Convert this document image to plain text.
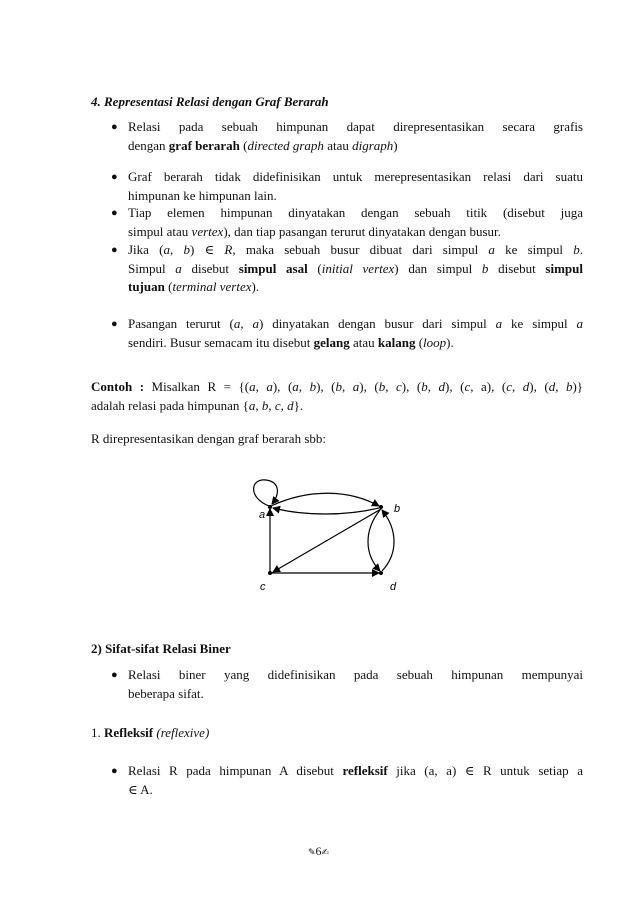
4. Representasi Relasi dengan Graf Berarah
● Relasi pada sebuah himpunan dapat direpresentasikan secara grafis
dengan graf berarah (directed graph atau digraph)
● Graf berarah tidak didefinisikan untuk merepresentasikan relasi dari suatu
himpunan ke himpunan lain.
● Tiap elemen himpunan dinyatakan dengan sebuah titik (disebut juga
simpul atau vertex), dan tiap pasangan terurut dinyatakan dengan busur.
● Jika (a, b) ∈ R, maka sebuah busur dibuat dari simpul a ke simpul b.
Simpul a disebut simpul asal (initial vertex) dan simpul b disebut simpul
tujuan (terminal vertex).
● Pasangan terurut (a, a) dinyatakan dengan busur dari simpul a ke simpul a
sendiri. Busur semacam itu disebut gelang atau kalang (loop).
Contoh : Misalkan R = {(a, a), (a, b), (b, a), (b, c), (b, d), (c, a), (c, d), (d, b)}
adalah relasi pada himpunan {a, b, c, d}.
R direpresentasikan dengan graf berarah sbb:
a	b
c	d
2) Sifat-sifat Relasi Biner
● Relasi biner yang didefinisikan pada sebuah himpunan mempunyai
beberapa sifat.
1. Refleksif (reflexive)
● Relasi R pada himpunan A disebut refleksif jika (a, a) ∈ R untuk setiap a
∈ A.
✎6✍
